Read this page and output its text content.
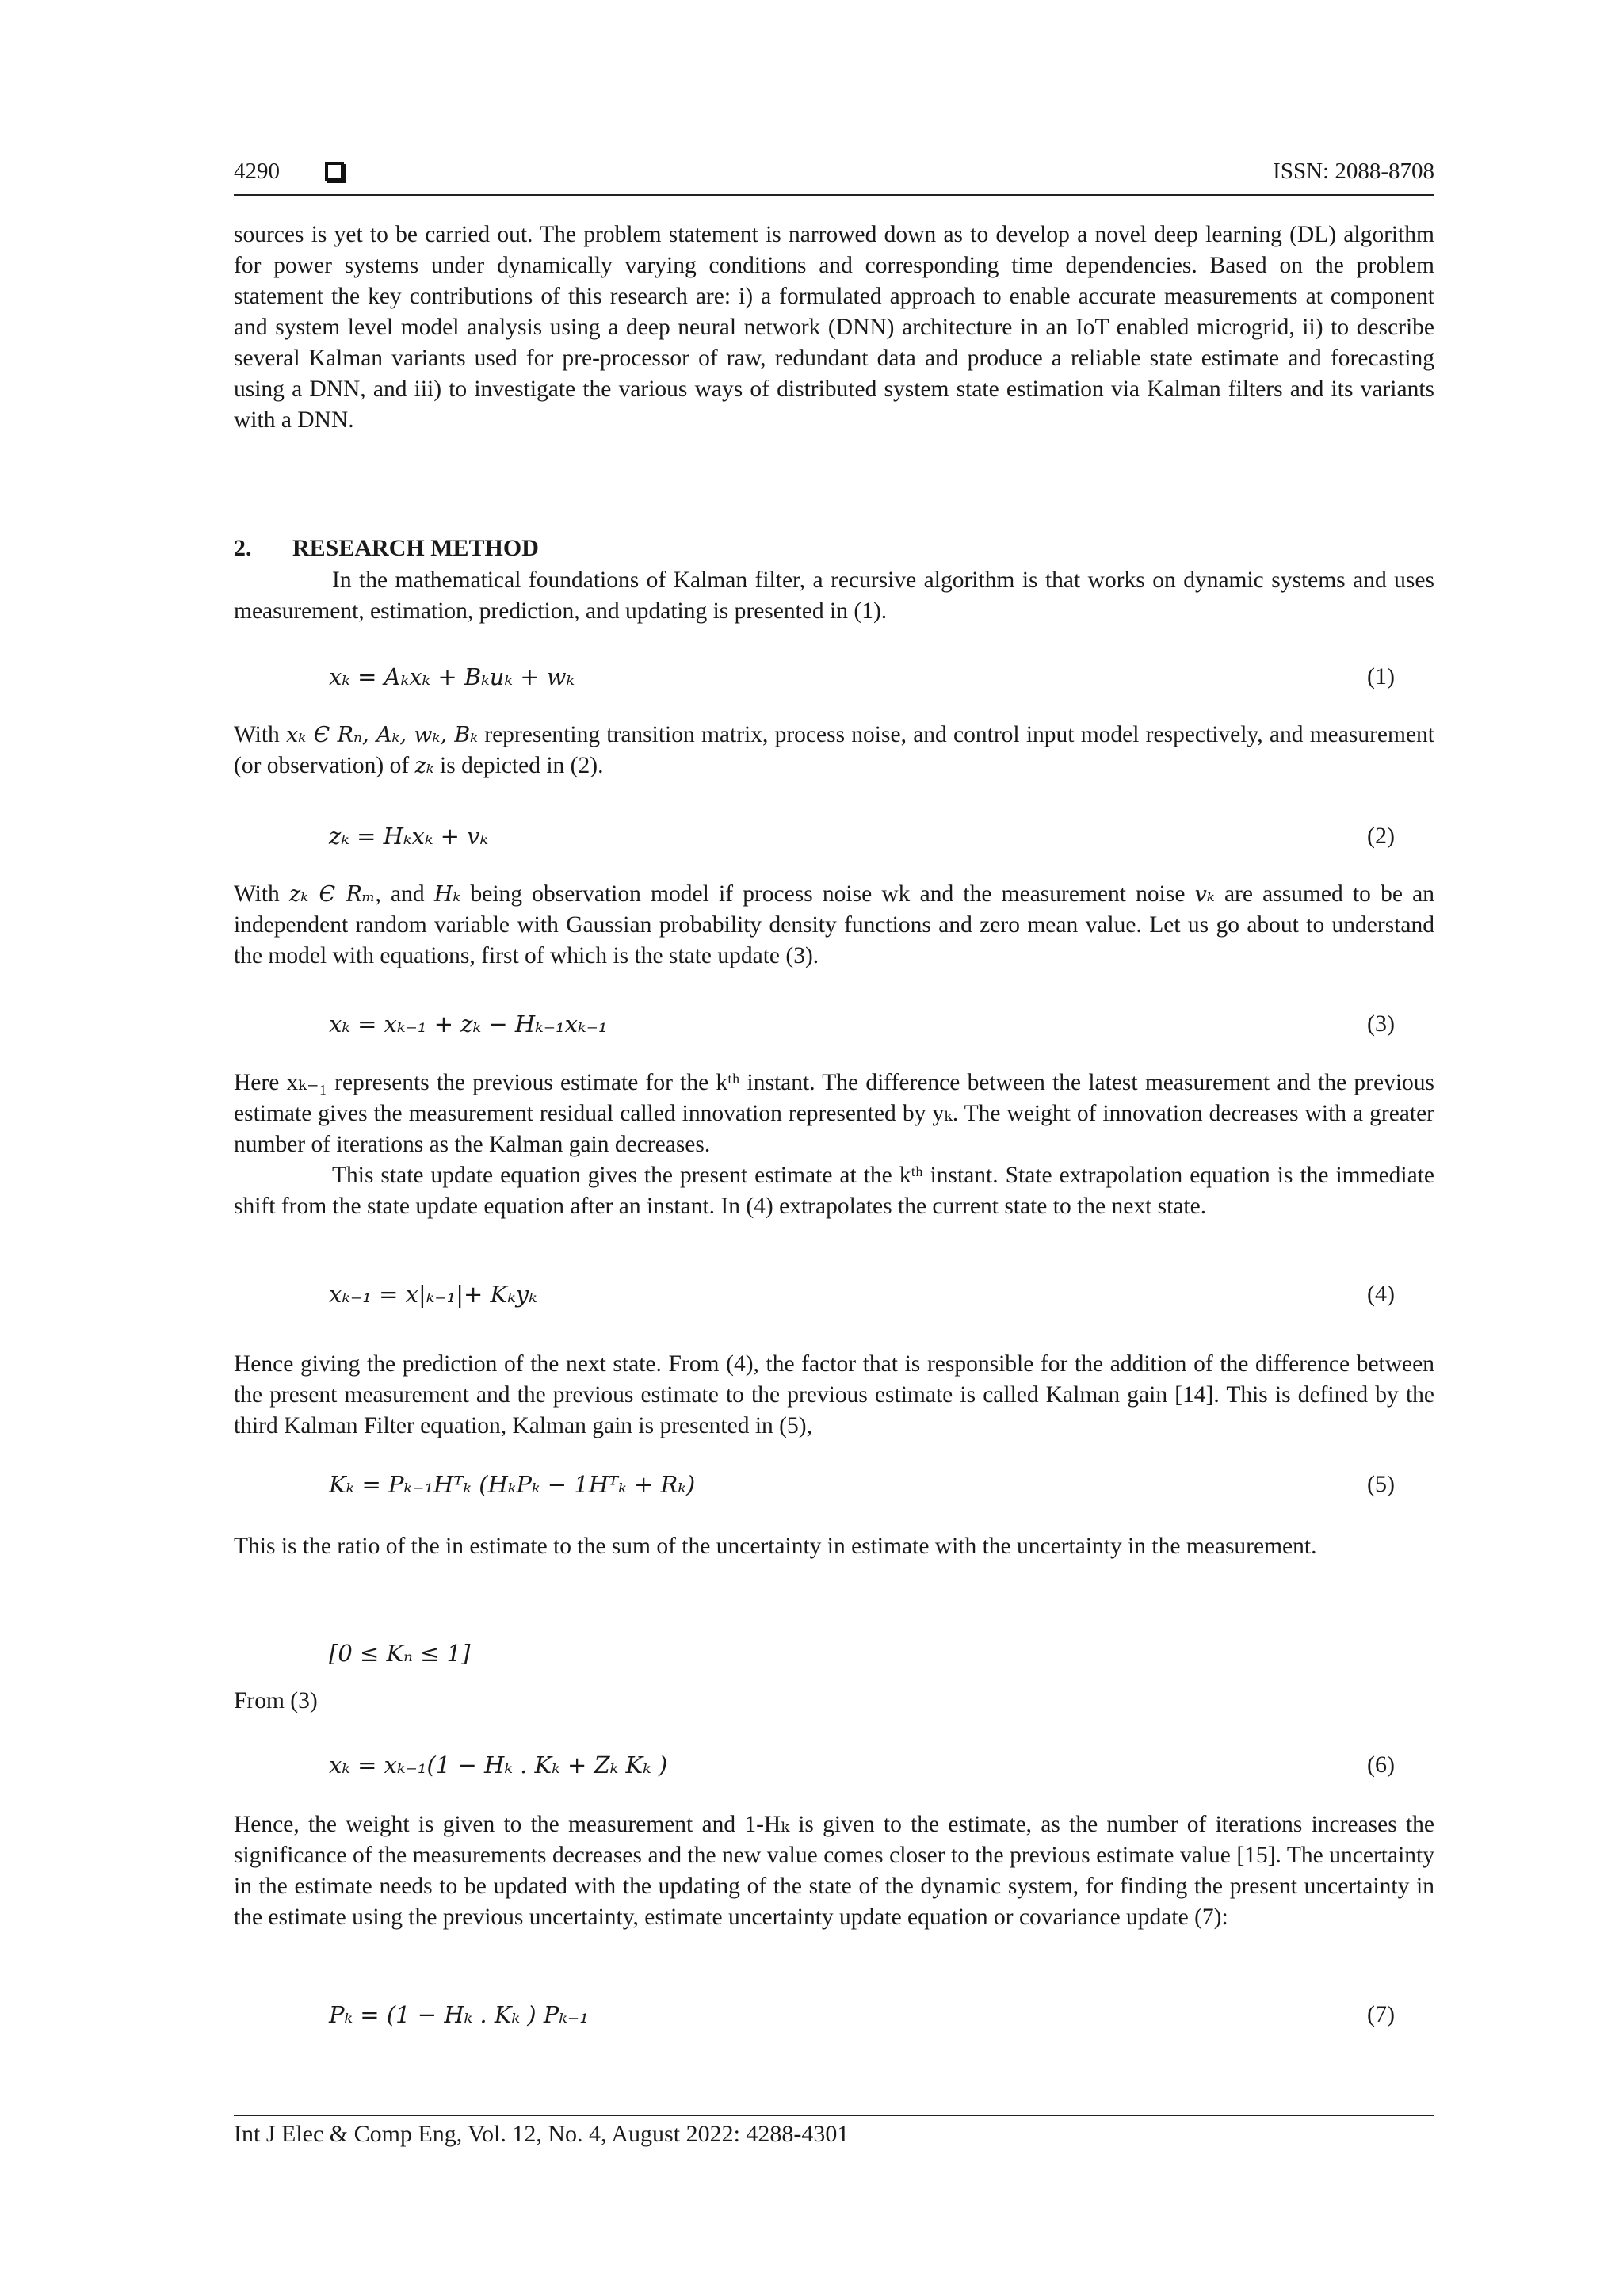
4290	ISSN: 2088-8708

sources is yet to be carried out. The problem statement is narrowed down as to develop a novel deep learning (DL) algorithm for power systems under dynamically varying conditions and corresponding time dependencies. Based on the problem statement the key contributions of this research are: i) a formulated approach to enable accurate measurements at component and system level model analysis using a deep neural network (DNN) architecture in an IoT enabled microgrid, ii) to describe several Kalman variants used for pre-processor of raw, redundant data and produce a reliable state estimate and forecasting using a DNN, and iii) to investigate the various ways of distributed system state estimation via Kalman filters and its variants with a DNN.

2. RESEARCH METHOD

In the mathematical foundations of Kalman filter, a recursive algorithm is that works on dynamic systems and uses measurement, estimation, prediction, and updating is presented in (1).

xₖ = Aₖxₖ + Bₖuₖ + wₖ	(1)

With xₖ Є Rₙ, Aₖ, wₖ, Bₖ representing transition matrix, process noise, and control input model respectively, and measurement (or observation) of zₖ is depicted in (2).

zₖ = Hₖxₖ + vₖ	(2)

With zₖ Є Rₘ, and Hₖ being observation model if process noise wk and the measurement noise vₖ are assumed to be an independent random variable with Gaussian probability density functions and zero mean value. Let us go about to understand the model with equations, first of which is the state update (3).

xₖ = xₖ₋₁ + zₖ − Hₖ₋₁xₖ₋₁	(3)

Here xₖ₋₁ represents the previous estimate for the kᵗʰ instant. The difference between the latest measurement and the previous estimate gives the measurement residual called innovation represented by yₖ. The weight of innovation decreases with a greater number of iterations as the Kalman gain decreases.

This state update equation gives the present estimate at the kᵗʰ instant. State extrapolation equation is the immediate shift from the state update equation after an instant. In (4) extrapolates the current state to the next state.

xₖ₋₁ = x|ₖ₋₁|+ Kₖyₖ	(4)

Hence giving the prediction of the next state. From (4), the factor that is responsible for the addition of the difference between the present measurement and the previous estimate to the previous estimate is called Kalman gain [14]. This is defined by the third Kalman Filter equation, Kalman gain is presented in (5),

Kₖ = Pₖ₋₁Hᵀₖ (HₖPₖ − 1Hᵀₖ + Rₖ)	(5)

This is the ratio of the in estimate to the sum of the uncertainty in estimate with the uncertainty in the measurement.

[0 ≤ Kₙ ≤ 1]

From (3)

xₖ = xₖ₋₁(1 − Hₖ . Kₖ + Zₖ Kₖ )	(6)

Hence, the weight is given to the measurement and 1-Hₖ is given to the estimate, as the number of iterations increases the significance of the measurements decreases and the new value comes closer to the previous estimate value [15]. The uncertainty in the estimate needs to be updated with the updating of the state of the dynamic system, for finding the present uncertainty in the estimate using the previous uncertainty, estimate uncertainty update equation or covariance update (7):

Pₖ = (1 − Hₖ . Kₖ ) Pₖ₋₁	(7)
Int J Elec & Comp Eng, Vol. 12, No. 4, August 2022: 4288-4301
